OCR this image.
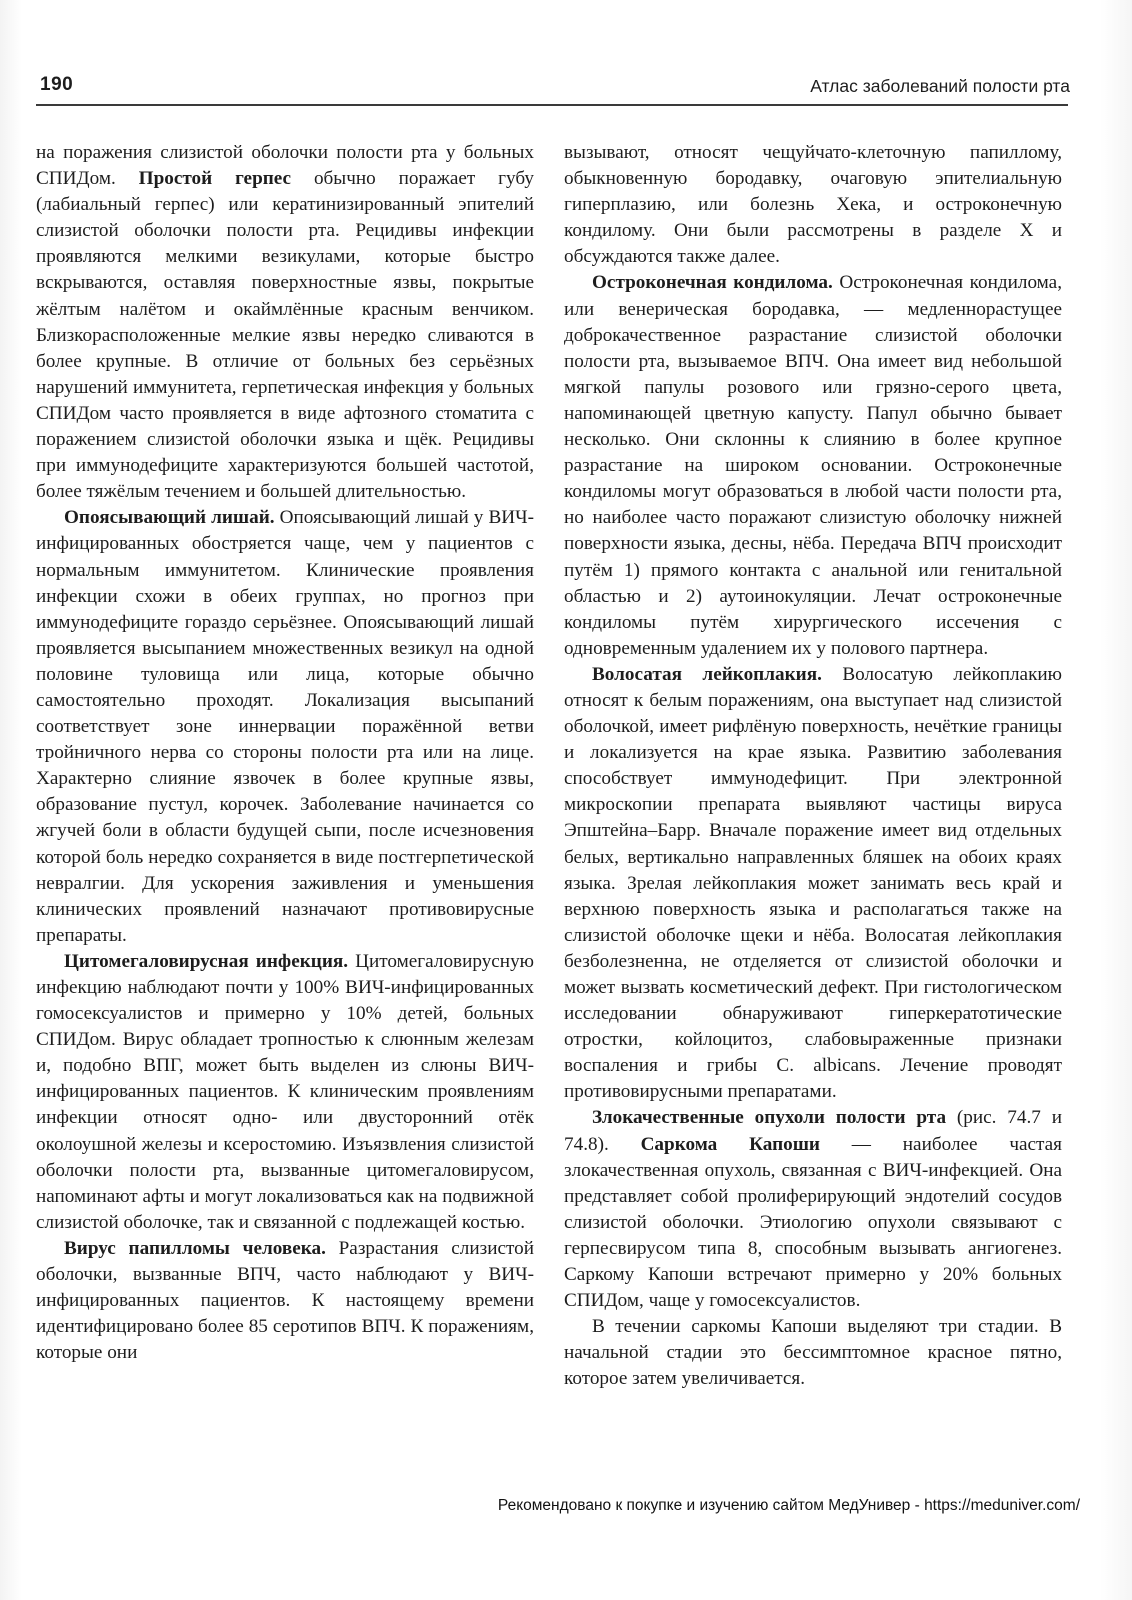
190	Атлас заболеваний полости рта

на поражения слизистой оболочки полости рта у больных СПИДом. Простой герпес обычно поражает губу (лабиальный герпес) или кератинизированный эпителий слизистой оболочки полости рта. Рецидивы инфекции проявляются мелкими везикулами, которые быстро вскрываются, оставляя поверхностные язвы, покрытые жёлтым налётом и окаймлённые красным венчиком. Близкорасположенные мелкие язвы нередко сливаются в более крупные. В отличие от больных без серьёзных нарушений иммунитета, герпетическая инфекция у больных СПИДом часто проявляется в виде афтозного стоматита с поражением слизистой оболочки языка и щёк. Рецидивы при иммунодефиците характеризуются большей частотой, более тяжёлым течением и большей длительностью.

Опоясывающий лишай. Опоясывающий лишай у ВИЧ-инфицированных обостряется чаще, чем у пациентов с нормальным иммунитетом. Клинические проявления инфекции схожи в обеих группах, но прогноз при иммунодефиците гораздо серьёзнее. Опоясывающий лишай проявляется высыпанием множественных везикул на одной половине туловища или лица, которые обычно самостоятельно проходят. Локализация высыпаний соответствует зоне иннервации поражённой ветви тройничного нерва со стороны полости рта или на лице. Характерно слияние язвочек в более крупные язвы, образование пустул, корочек. Заболевание начинается со жгучей боли в области будущей сыпи, после исчезновения которой боль нередко сохраняется в виде постгерпетической невралгии. Для ускорения заживления и уменьшения клинических проявлений назначают противовирусные препараты.

Цитомегаловирусная инфекция. Цитомегаловирусную инфекцию наблюдают почти у 100% ВИЧ-инфицированных гомосексуалистов и примерно у 10% детей, больных СПИДом. Вирус обладает тропностью к слюнным железам и, подобно ВПГ, может быть выделен из слюны ВИЧ-инфицированных пациентов. К клиническим проявлениям инфекции относят одно- или двусторонний отёк околоушной железы и ксеростомию. Изъязвления слизистой оболочки полости рта, вызванные цитомегаловирусом, напоминают афты и могут локализоваться как на подвижной слизистой оболочке, так и связанной с подлежащей костью.

Вирус папилломы человека. Разрастания слизистой оболочки, вызванные ВПЧ, часто наблюдают у ВИЧ-инфицированных пациентов. К настоящему времени идентифицировано более 85 серотипов ВПЧ. К поражениям, которые они

вызывают, относят чещуйчато-клеточную папиллому, обыкновенную бородавку, очаговую эпителиальную гиперплазию, или болезнь Хека, и остроконечную кондилому. Они были рассмотрены в разделе X и обсуждаются также далее.

Остроконечная кондилома. Остроконечная кондилома, или венерическая бородавка, — медленнорастущее доброкачественное разрастание слизистой оболочки полости рта, вызываемое ВПЧ. Она имеет вид небольшой мягкой папулы розового или грязно-серого цвета, напоминающей цветную капусту. Папул обычно бывает несколько. Они склонны к слиянию в более крупное разрастание на широком основании. Остроконечные кондиломы могут образоваться в любой части полости рта, но наиболее часто поражают слизистую оболочку нижней поверхности языка, десны, нёба. Передача ВПЧ происходит путём 1) прямого контакта с анальной или генитальной областью и 2) аутоинокуляции. Лечат остроконечные кондиломы путём хирургического иссечения с одновременным удалением их у полового партнера.

Волосатая лейкоплакия. Волосатую лейкоплакию относят к белым поражениям, она выступает над слизистой оболочкой, имеет рифлёную поверхность, нечёткие границы и локализуется на крае языка. Развитию заболевания способствует иммунодефицит. При электронной микроскопии препарата выявляют частицы вируса Эпштейна–Барр. Вначале поражение имеет вид отдельных белых, вертикально направленных бляшек на обоих краях языка. Зрелая лейкоплакия может занимать весь край и верхнюю поверхность языка и располагаться также на слизистой оболочке щеки и нёба. Волосатая лейкоплакия безболезненна, не отделяется от слизистой оболочки и может вызвать косметический дефект. При гистологическом исследовании обнаруживают гиперкератотические отростки, койлоцитоз, слабовыраженные признаки воспаления и грибы C. albicans. Лечение проводят противовирусными препаратами.

Злокачественные опухоли полости рта (рис. 74.7 и 74.8). Саркома Капоши — наиболее частая злокачественная опухоль, связанная с ВИЧ-инфекцией. Она представляет собой пролиферирующий эндотелий сосудов слизистой оболочки. Этиологию опухоли связывают с герпесвирусом типа 8, способным вызывать ангиогенез. Саркому Капоши встречают примерно у 20% больных СПИДом, чаще у гомосексуалистов.

В течении саркомы Капоши выделяют три стадии. В начальной стадии это бессимптомное красное пятно, которое затем увеличивается.

Рекомендовано к покупке и изучению сайтом МедУнивер - https://meduniver.com/
